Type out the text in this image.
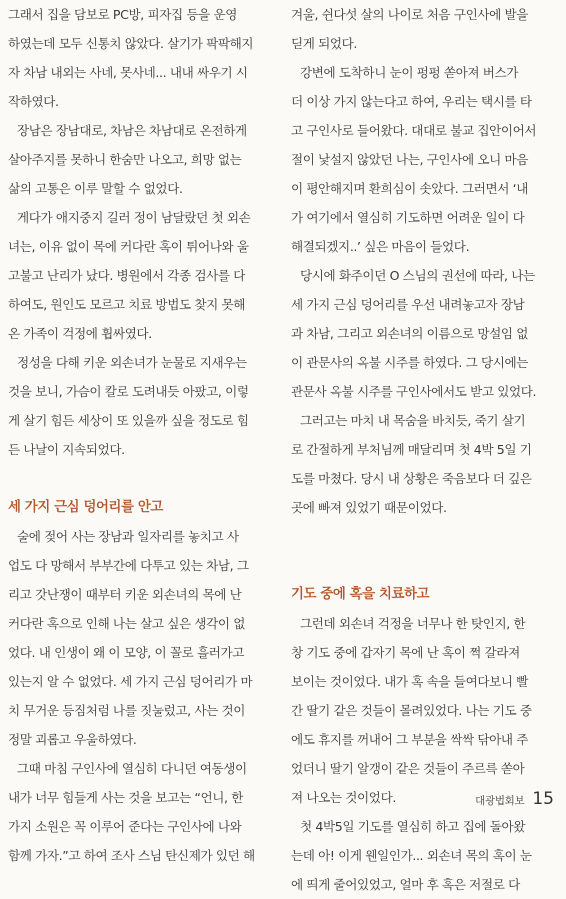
그래서 집을 담보로 PC방, 피자집 등을 운영
하였는데 모두 신통치 않았다. 살기가 팍팍해지
자 차남 내외는 사네, 못사네... 내내 싸우기 시
작하였다.
장남은 장남대로, 차남은 차남대로 온전하게
살아주지를 못하니 한숨만 나오고, 희망 없는
삶의 고통은 이루 말할 수 없었다.
게다가 애지중지 길러 정이 남달랐던 첫 외손
녀는, 이유 없이 목에 커다란 혹이 튀어나와 울
고불고 난리가 났다. 병원에서 각종 검사를 다
하여도, 원인도 모르고 치료 방법도 찾지 못해
온 가족이 걱정에 휩싸였다.
정성을 다해 키운 외손녀가 눈물로 지새우는
것을 보니, 가슴이 칼로 도려내듯 아팠고, 이렇
게 살기 힘든 세상이 또 있을까 싶을 정도로 힘
든 나날이 지속되었다.
세 가지 근심 덩어리를 안고
술에 젖어 사는 장남과 일자리를 놓치고 사
업도 다 망해서 부부간에 다투고 있는 차남, 그
리고 갓난쟁이 때부터 키운 외손녀의 목에 난
커다란 혹으로 인해 나는 살고 싶은 생각이 없
었다. 내 인생이 왜 이 모양, 이 꼴로 흘러가고
있는지 알 수 없었다. 세 가지 근심 덩어리가 마
치 무거운 등짐처럼 나를 짓눌렀고, 사는 것이
정말 괴롭고 우울하였다.
그때 마침 구인사에 열심히 다니던 여동생이
내가 너무 힘들게 사는 것을 보고는 “언니, 한
가지 소원은 꼭 이루어 준다는 구인사에 나와
함께 가자.”고 하여 조사 스님 탄신제가 있던 해
겨울, 쉰다섯 살의 나이로 처음 구인사에 발을
딛게 되었다.
강변에 도착하니 눈이 펑펑 쏟아져 버스가
더 이상 가지 않는다고 하여, 우리는 택시를 타
고 구인사로 들어왔다. 대대로 불교 집안이어서
절이 낯설지 않았던 나는, 구인사에 오니 마음
이 평안해지며 환희심이 솟았다. 그러면서 ‘내
가 여기에서 열심히 기도하면 어려운 일이 다
해결되겠지..’ 싶은 마음이 들었다.
당시에 화주이던 O 스님의 권선에 따라, 나는
세 가지 근심 덩어리를 우선 내려놓고자 장남
과 차남, 그리고 외손녀의 이름으로 망설임 없
이 관문사의 옥불 시주를 하였다. 그 당시에는
관문사 옥불 시주를 구인사에서도 받고 있었다.
그러고는 마치 내 목숨을 바치듯, 죽기 살기
로 간절하게 부처님께 매달리며 첫 4박 5일 기
도를 마쳤다. 당시 내 상황은 죽음보다 더 깊은
곳에 빠져 있었기 때문이었다.
기도 중에 혹을 치료하고
그런데 외손녀 걱정을 너무나 한 탓인지, 한
창 기도 중에 갑자기 목에 난 혹이 쩍 갈라져
보이는 것이었다. 내가 혹 속을 들여다보니 빨
간 딸기 같은 것들이 몰려있었다. 나는 기도 중
에도 휴지를 꺼내어 그 부분을 싹싹 닦아내 주
었더니 딸기 알갱이 같은 것들이 주르륵 쏟아
져 나오는 것이었다.
첫 4박5일 기도를 열심히 하고 집에 돌아왔
는데 아! 이게 웬일인가... 외손녀 목의 혹이 눈
에 띄게 줄어있었고, 얼마 후 혹은 저절로 다
대광법회보 15
